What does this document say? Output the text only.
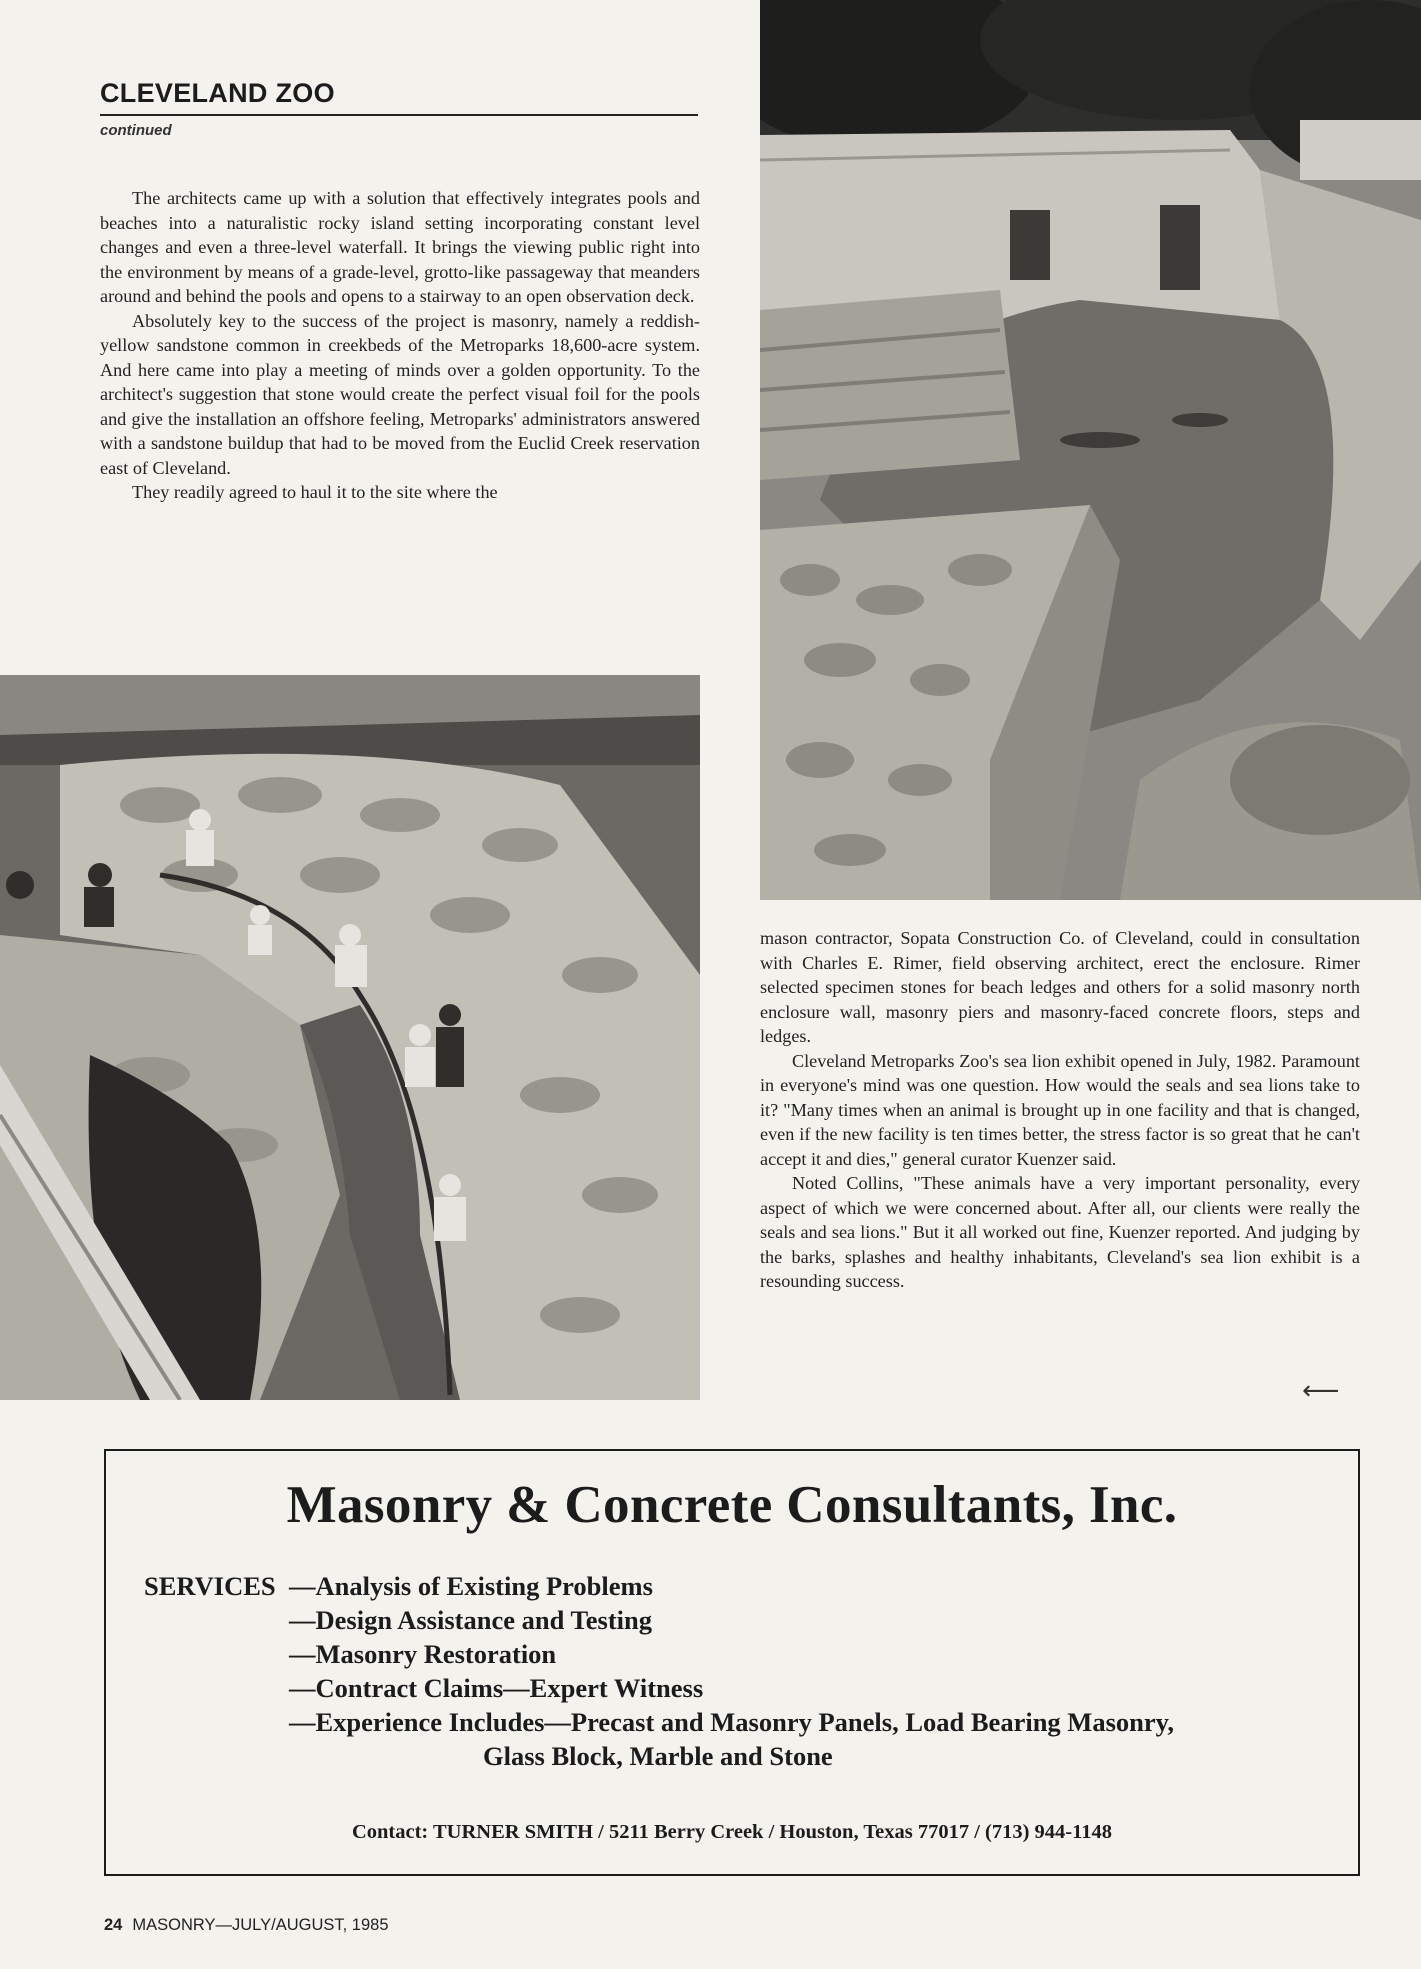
CLEVELAND ZOO
continued

The architects came up with a solution that effectively integrates pools and beaches into a naturalistic rocky island setting incorporating constant level changes and even a three-level waterfall. It brings the viewing public right into the environment by means of a grade-level, grotto-like passageway that meanders around and behind the pools and opens to a stairway to an open observation deck.

Absolutely key to the success of the project is masonry, namely a reddish-yellow sandstone common in creekbeds of the Metroparks 18,600-acre system. And here came into play a meeting of minds over a golden opportunity. To the architect's suggestion that stone would create the perfect visual foil for the pools and give the installation an offshore feeling, Metroparks' administrators answered with a sandstone buildup that had to be moved from the Euclid Creek reservation east of Cleveland.

They readily agreed to haul it to the site where the

mason contractor, Sopata Construction Co. of Cleveland, could in consultation with Charles E. Rimer, field observing architect, erect the enclosure. Rimer selected specimen stones for beach ledges and others for a solid masonry north enclosure wall, masonry piers and masonry-faced concrete floors, steps and ledges.

Cleveland Metroparks Zoo's sea lion exhibit opened in July, 1982. Paramount in everyone's mind was one question. How would the seals and sea lions take to it? "Many times when an animal is brought up in one facility and that is changed, even if the new facility is ten times better, the stress factor is so great that he can't accept it and dies," general curator Kuenzer said.

Noted Collins, "These animals have a very important personality, every aspect of which we were concerned about. After all, our clients were really the seals and sea lions." But it all worked out fine, Kuenzer reported. And judging by the barks, splashes and healthy inhabitants, Cleveland's sea lion exhibit is a resounding success.

⟵
Masonry & Concrete Consultants, Inc.
SERVICES —Analysis of Existing Problems
—Design Assistance and Testing
—Masonry Restoration
—Contract Claims—Expert Witness
—Experience Includes—Precast and Masonry Panels, Load Bearing Masonry,
Glass Block, Marble and Stone
Contact: TURNER SMITH / 5211 Berry Creek / Houston, Texas 77017 / (713) 944-1148
24 MASONRY—JULY/AUGUST, 1985
